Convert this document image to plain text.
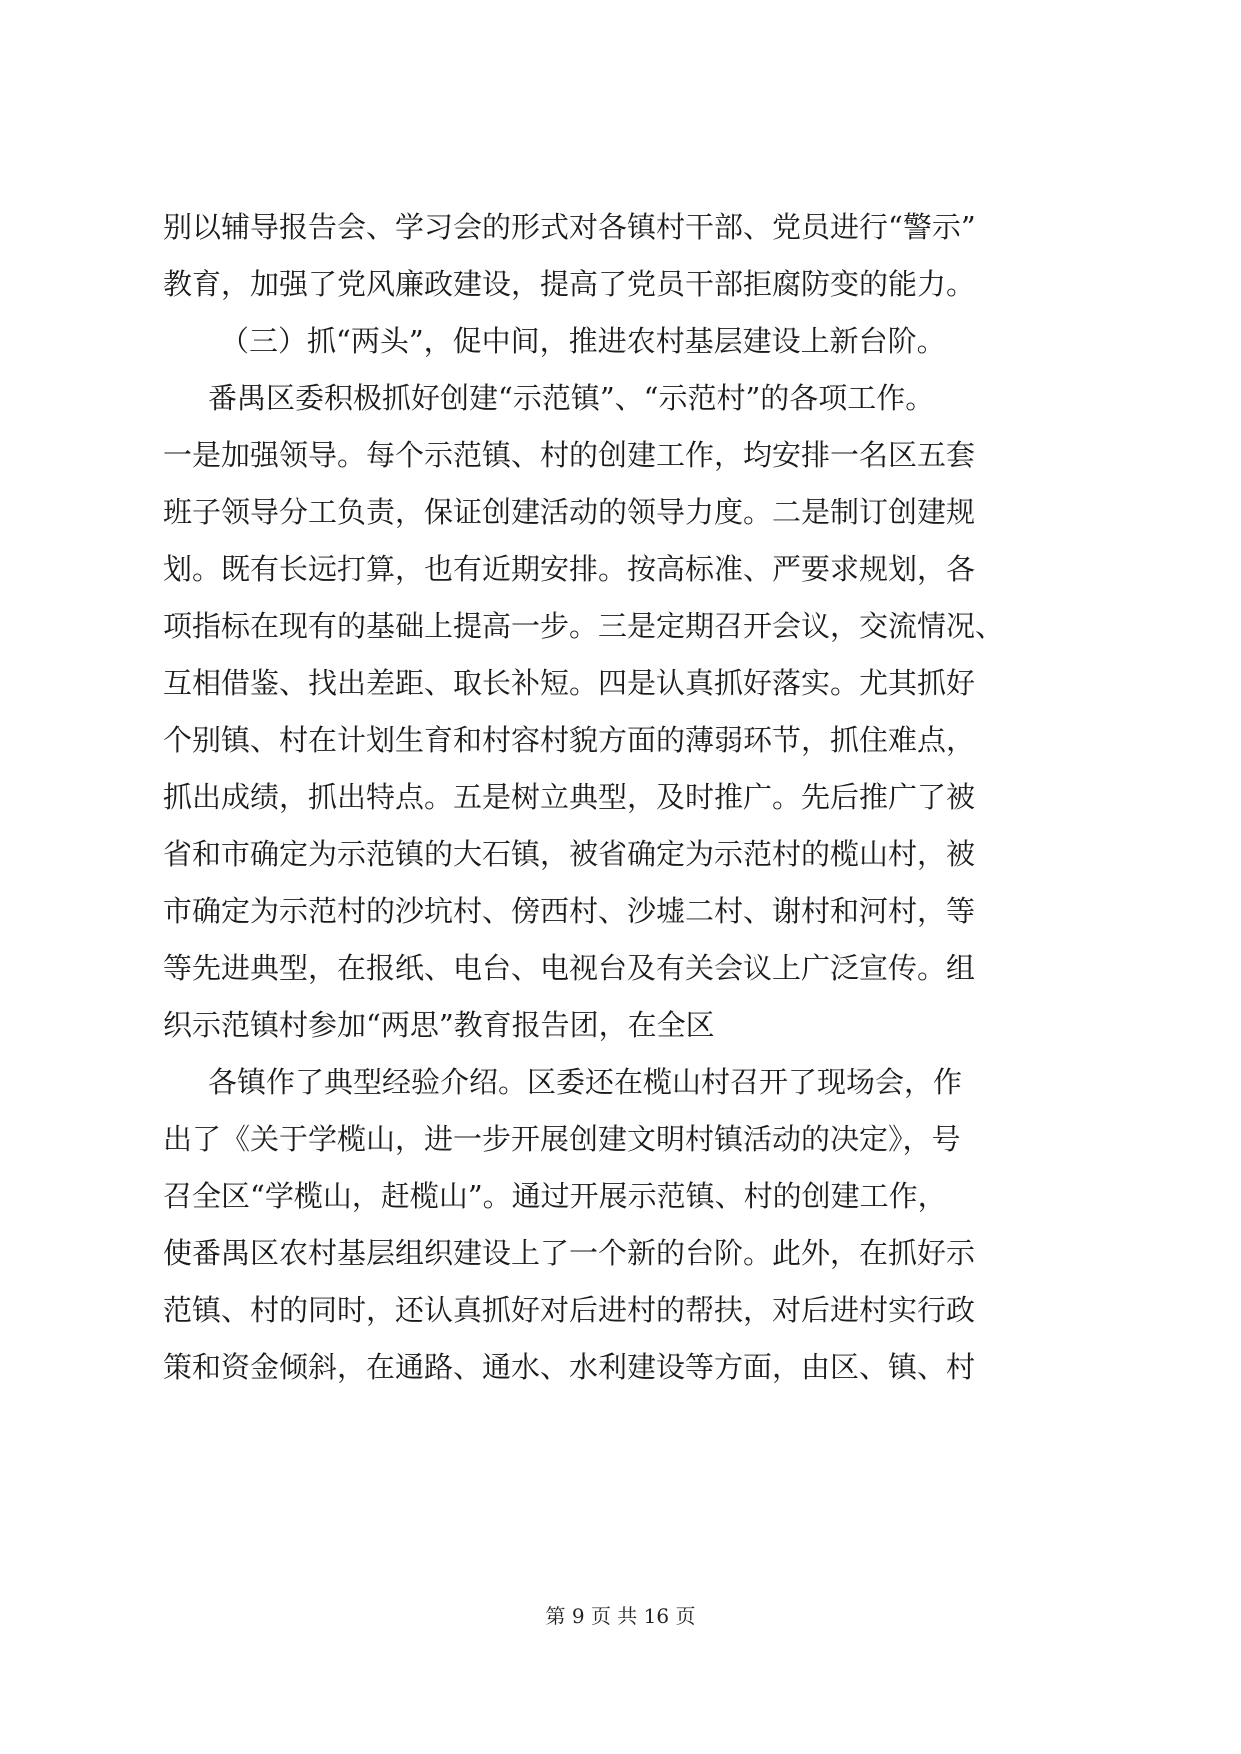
别以辅导报告会、学习会的形式对各镇村干部、党员进行“警示”
教育，加强了党风廉政建设，提高了党员干部拒腐防变的能力。
（三）抓“两头”，促中间，推进农村基层建设上新台阶。
番禺区委积极抓好创建“示范镇”、“示范村”的各项工作。
一是加强领导。每个示范镇、村的创建工作，均安排一名区五套
班子领导分工负责，保证创建活动的领导力度。二是制订创建规
划。既有长远打算，也有近期安排。按高标准、严要求规划，各
项指标在现有的基础上提高一步。三是定期召开会议，交流情况、
互相借鉴、找出差距、取长补短。四是认真抓好落实。尤其抓好
个别镇、村在计划生育和村容村貌方面的薄弱环节，抓住难点，
抓出成绩，抓出特点。五是树立典型，及时推广。先后推广了被
省和市确定为示范镇的大石镇，被省确定为示范村的榄山村，被
市确定为示范村的沙坑村、傍西村、沙墟二村、谢村和河村，等
等先进典型，在报纸、电台、电视台及有关会议上广泛宣传。组
织示范镇村参加“两思”教育报告团，在全区
各镇作了典型经验介绍。区委还在榄山村召开了现场会，作
出了《关于学榄山，进一步开展创建文明村镇活动的决定》，号
召全区“学榄山，赶榄山”。通过开展示范镇、村的创建工作，
使番禺区农村基层组织建设上了一个新的台阶。此外，在抓好示
范镇、村的同时，还认真抓好对后进村的帮扶，对后进村实行政
策和资金倾斜，在通路、通水、水利建设等方面，由区、镇、村
第 9 页 共 16 页
